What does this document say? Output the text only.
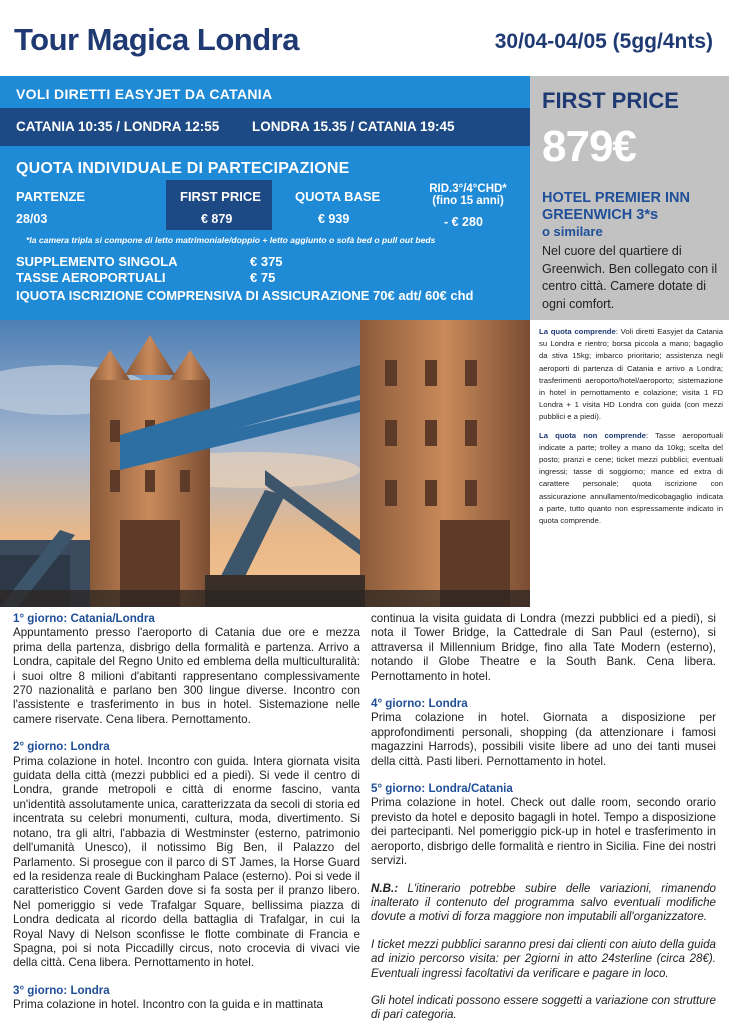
Tour Magica Londra	30/04-04/05 (5gg/4nts)
VOLI DIRETTI EASYJET DA CATANIA
CATANIA 10:35 / LONDRA 12:55 LONDRA 15.35 / CATANIA 19:45
QUOTA INDIVIDUALE DI PARTECIPAZIONE
PARTENZE	FIRST PRICE	QUOTA BASE	RID.3°/4°CHD*
(fino 15 anni)
28/03	€ 879	€ 939	- € 280
*la camera tripla si compone di letto matrimoniale/doppio + letto aggiunto o sofà bed o pull out beds
SUPPLEMENTO SINGOLA	€ 375
TASSE AEROPORTUALI	€ 75
IQUOTA ISCRIZIONE COMPRENSIVA DI ASSICURAZIONE 70€ adt/ 60€ chd
FIRST PRICE
879€
HOTEL PREMIER INN
GREENWICH 3*s
o similare
Nel cuore del quartiere di Greenwich. Ben collegato con il centro città. Camere dotate di ogni comfort.

La quota comprende: Voli diretti Easyjet da Catania su Londra e rientro; borsa piccola a mano; bagaglio da stiva 15kg; imbarco prioritario; assistenza negli aeroporti di partenza di Catania e arrivo a Londra; trasferimenti aeroporto/hotel/aeroporto; sistemazione in hotel in pernottamento e colazione; visita 1 FD Londra + 1 visita HD Londra con guida (con mezzi pubblici e a piedi).

La quota non comprende: Tasse aeroportuali indicate a parte; trolley a mano da 10kg; scelta del posto; pranzi e cene; ticket mezzi pubblici; eventuali ingressi; tasse di soggiorno; mance ed extra di carattere personale; quota iscrizione con assicurazione annullamento/medicobagaglio indicata a parte, tutto quanto non espressamente indicato in quota comprende.

1° giorno: Catania/Londra

Appuntamento presso l'aeroporto di Catania due ore e mezza prima della partenza, disbrigo della formalità e partenza. Arrivo a Londra, capitale del Regno Unito ed emblema della multiculturalità: i suoi oltre 8 milioni d'abitanti rappresentano complessivamente 270 nazionalità e parlano ben 300 lingue diverse. Incontro con l'assistente e trasferimento in bus in hotel. Sistemazione nelle camere riservate. Cena libera. Pernottamento.

2° giorno: Londra

Prima colazione in hotel. Incontro con guida. Intera giornata visita guidata della città (mezzi pubblici ed a piedi). Si vede il centro di Londra, grande metropoli e città di enorme fascino, vanta un'identità assolutamente unica, caratterizzata da secoli di storia ed incentrata su celebri monumenti, cultura, moda, divertimento. Si notano, tra gli altri, l'abbazia di Westminster (esterno, patrimonio dell'umanità Unesco), il notissimo Big Ben, il Palazzo del Parlamento. Si prosegue con il parco di ST James, la Horse Guard ed la residenza reale di Buckingham Palace (esterno). Poi si vede il caratteristico Covent Garden dove si fa sosta per il pranzo libero. Nel pomeriggio si vede Trafalgar Square, bellissima piazza di Londra dedicata al ricordo della battaglia di Trafalgar, in cui la Royal Navy di Nelson sconfisse le flotte combinate di Francia e Spagna, poi si nota Piccadilly circus, noto crocevia di vivaci vie della città. Cena libera. Pernottamento in hotel.

3° giorno: Londra

Prima colazione in hotel. Incontro con la guida e in mattinata

continua la visita guidata di Londra (mezzi pubblici ed a piedi), si nota il Tower Bridge, la Cattedrale di San Paul (esterno), si attraversa il Millennium Bridge, fino alla Tate Modern (esterno), notando il Globe Theatre e la South Bank. Cena libera. Pernottamento in hotel.

4° giorno: Londra

Prima colazione in hotel. Giornata a disposizione per approfondimenti personali, shopping (da attenzionare i famosi magazzini Harrods), possibili visite libere ad uno dei tanti musei della città. Pasti liberi. Pernottamento in hotel.

5° giorno: Londra/Catania

Prima colazione in hotel. Check out dalle room, secondo orario previsto da hotel e deposito bagagli in hotel. Tempo a disposizione dei partecipanti. Nel pomeriggio pick-up in hotel e trasferimento in aeroporto, disbrigo delle formalità e rientro in Sicilia. Fine dei nostri servizi.

N.B.: L'itinerario potrebbe subire delle variazioni, rimanendo inalterato il contenuto del programma salvo eventuali modifiche dovute a motivi di forza maggiore non imputabili all'organizzatore.

I ticket mezzi pubblici saranno presi dai clienti con aiuto della guida ad inizio percorso visita: per 2giorni in atto 24sterline (circa 28€). Eventuali ingressi facoltativi da verificare e pagare in loco.

Gli hotel indicati possono essere soggetti a variazione con strutture di pari categoria.
